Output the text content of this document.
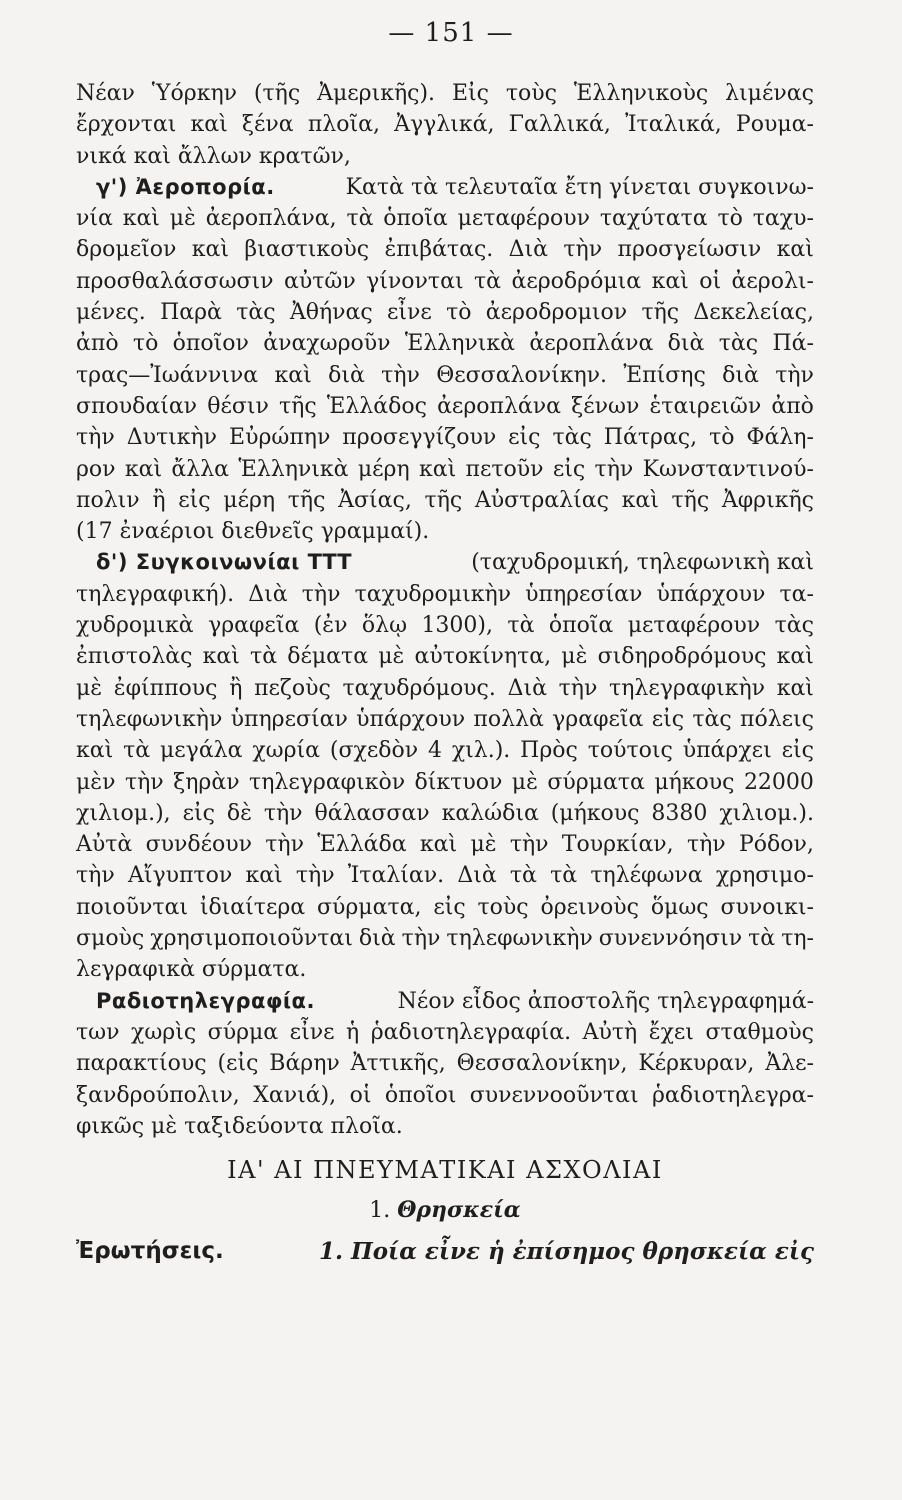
— 151 —
Νέαν Ὑόρκην (τῆς Ἀμερικῆς). Εἰς τοὺς Ἑλληνικοὺς λιμένας
ἔρχονται καὶ ξένα πλοῖα, Ἀγγλικά, Γαλλικά, Ἰταλικά, Ρουμα-
νικά καὶ ἄλλων κρατῶν,
γ') Ἀεροπορία.	Κατὰ τὰ τελευταῖα ἔτη γίνεται συγκοινω-
νία καὶ μὲ ἀεροπλάνα, τὰ ὁποῖα μεταφέρουν ταχύτατα τὸ ταχυ-
δρομεῖον καὶ βιαστικοὺς ἐπιβάτας. Διὰ τὴν προσγείωσιν καὶ
προσθαλάσσωσιν αὐτῶν γίνονται τὰ ἀεροδρόμια καὶ οἱ ἀερολι-
μένες. Παρὰ τὰς Ἀθήνας εἶνε τὸ ἀεροδρομιον τῆς Δεκελείας,
ἀπὸ τὸ ὁποῖον ἀναχωροῦν Ἑλληνικὰ ἀεροπλάνα διὰ τὰς Πά-
τρας—Ἰωάννινα καὶ διὰ τὴν Θεσσαλονίκην. Ἐπίσης διὰ τὴν
σπουδαίαν θέσιν τῆς Ἑλλάδος ἀεροπλάνα ξένων ἑταιρειῶν ἀπὸ
τὴν Δυτικὴν Εὐρώπην προσεγγίζουν εἰς τὰς Πάτρας, τὸ Φάλη-
ρον καὶ ἄλλα Ἑλληνικὰ μέρη καὶ πετοῦν εἰς τὴν Κωνσταντινού-
πολιν ἢ εἰς μέρη τῆς Ἀσίας, τῆς Αὐστραλίας καὶ τῆς Ἀφρικῆς
(17 ἐναέριοι διεθνεῖς γραμμαί).
δ') Συγκοινωνίαι ΤΤΤ	(ταχυδρομική, τηλεφωνικὴ καὶ
τηλεγραφική). Διὰ τὴν ταχυδρομικὴν ὑπηρεσίαν ὑπάρχουν τα-
χυδρομικὰ γραφεῖα (ἐν ὅλῳ 1300), τὰ ὁποῖα μεταφέρουν τὰς
ἐπιστολὰς καὶ τὰ δέματα μὲ αὐτοκίνητα, μὲ σιδηροδρόμους καὶ
μὲ ἐφίππους ἢ πεζοὺς ταχυδρόμους. Διὰ τὴν τηλεγραφικὴν καὶ
τηλεφωνικὴν ὑπηρεσίαν ὑπάρχουν πολλὰ γραφεῖα εἰς τὰς πόλεις
καὶ τὰ μεγάλα χωρία (σχεδὸν 4 χιλ.). Πρὸς τούτοις ὑπάρχει εἰς
μὲν τὴν ξηρὰν τηλεγραφικὸν δίκτυον μὲ σύρματα μήκους 22000
χιλιομ.), εἰς δὲ τὴν θάλασσαν καλώδια (μήκους 8380 χιλιομ.).
Αὐτὰ συνδέουν τὴν Ἑλλάδα καὶ μὲ τὴν Τουρκίαν, τὴν Ρόδον,
τὴν Αἴγυπτον καὶ τὴν Ἰταλίαν. Διὰ τὰ τὰ τηλέφωνα χρησιμο-
ποιοῦνται ἰδιαίτερα σύρματα, εἰς τοὺς ὀρεινοὺς ὅμως συνοικι-
σμοὺς χρησιμοποιοῦνται διὰ τὴν τηλεφωνικὴν συνεννόησιν τὰ τη-
λεγραφικὰ σύρματα.
Ραδιοτηλεγραφία.	Νέον εἶδος ἀποστολῆς τηλεγραφημά-
των χωρὶς σύρμα εἶνε ἡ ῥαδιοτηλεγραφία. Αὐτὴ ἔχει σταθμοὺς
παρακτίους (εἰς Βάρην Ἀττικῆς, Θεσσαλονίκην, Κέρκυραν, Ἀλε-
ξανδρούπολιν, Χανιά), οἱ ὁποῖοι συνεννοοῦνται ῥαδιοτηλεγρα-
φικῶς μὲ ταξιδεύοντα πλοῖα.
ΙΑ' ΑΙ ΠΝΕΥΜΑΤΙΚΑΙ ΑΣΧΟΛΙΑΙ
1. Θρησκεία
Ἐρωτήσεις.	1. Ποία εἶνε ἡ ἐπίσημος θρησκεία εἰς
